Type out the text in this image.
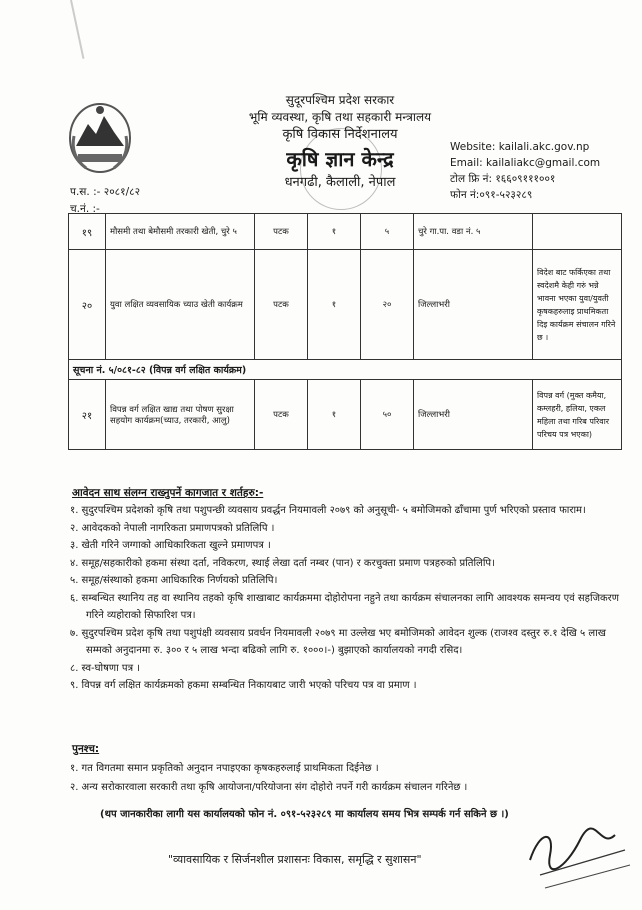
सुदूरपश्चिम प्रदेश सरकार
भूमि व्यवस्था, कृषि तथा सहकारी मन्त्रालय
कृषि विकास निर्देशनालय
कृषि ज्ञान केन्द्र
धनगढी, कैलाली, नेपाल
Website: kailali.akc.gov.np
Email: kailaliakc@gmail.com
टोल फ्रि नं: १६६०९१११००१
फोन नं:०९१-५२३२८९
प.स. :- २०८१/८२
च.नं. :-
१९	मौसमी तथा बेमौसमी तरकारी खेती, चुरे ५	पटक	१	५	चुरे गा.पा. वडा नं. ५	
२०	युवा लक्षित व्यवसायिक च्याउ खेती कार्यक्रम	पटक	१	२०	जिल्लाभरी	विदेश बाट फर्किएका तथा स्वदेशमै केही गरुं भन्ने भावना भएका युवा/युवती कृषकहरुलाइ प्राथमिकता दिइ कार्यक्रम संचालन गरिने छ ।
सूचना नं. ५/०८१-८२ (विपन्न वर्ग लक्षित कार्यक्रम)						
२१	विपन्न वर्ग लक्षित खाद्य तथा पोषण सुरक्षा सहयोग कार्यक्रम(च्याउ, तरकारी, आलु)	पटक	१	५०	जिल्लाभरी	विपन्न वर्ग (मुक्त कमैया, कम्लहरी, हलिया, एकल महिला तथा गरिब परिवार परिचय पत्र भएका)
आवेदन साथ संलग्न राख्नुपर्ने कागजात र शर्तहरु:-
१. सुदुरपश्चिम प्रदेशको कृषि तथा पशुपन्छी व्यवसाय प्रवर्द्धन नियमावली २०७९ को अनुसूची- ५ बमोजिमको ढाँचामा पुर्ण भरिएको प्रस्ताव फाराम।
२. आवेदकको नेपाली नागरिकता प्रमाणपत्रको प्रतिलिपि ।
३. खेती गरिने जग्गाको आधिकारिकता खुल्ने प्रमाणपत्र ।
४. समूह/सहकारीको हकमा संस्था दर्ता, नविकरण, स्थाई लेखा दर्ता नम्बर (पान) र करचुक्ता प्रमाण पत्रहरुको प्रतिलिपि।
५. समूह/संस्थाको हकमा आधिकारिक निर्णयको प्रतिलिपि।
६. सम्बन्धित स्थानिय तह वा स्थानिय तहको कृषि शाखाबाट कार्यक्रममा दोहोरोपना नहुने तथा कार्यक्रम संचालनका लागि आवश्यक समन्वय एवं सहजिकरण गरिने व्यहोराको सिफारिश पत्र।
७. सुदुरपश्चिम प्रदेश कृषि तथा पशुपंक्षी व्यवसाय प्रवर्धन नियमावली २०७९ मा उल्लेख भए बमोजिमको आवेदन शुल्क (राजश्व दस्तुर रु.१ देखि ५ लाख सम्मको अनुदानमा रु. ३०० र ५ लाख भन्दा बढिको लागि रु. १०००।-) बुझाएको कार्यालयको नगदी रसिद।
८. स्व-घोषणा पत्र ।
९. विपन्न वर्ग लक्षित कार्यक्रमको हकमा सम्बन्धित निकायबाट जारी भएको परिचय पत्र वा प्रमाण ।
पुनश्च:
१. गत विगतमा समान प्रकृतिको अनुदान नपाइएका कृषकहरुलाई प्राथमिकता दिईनेछ ।
२. अन्य सरोकारवाला सरकारी तथा कृषि आयोजना/परियोजना संग दोहोरो नपर्ने गरी कार्यक्रम संचालन गरिनेछ ।
(थप जानकारीका लागी यस कार्यालयको फोन नं. ०९१-५२३२८९ मा कार्यालय समय भित्र सम्पर्क गर्न सकिने छ ।)
"व्यावसायिक र सिर्जनशील प्रशासनः विकास, समृद्धि र सुशासन"
